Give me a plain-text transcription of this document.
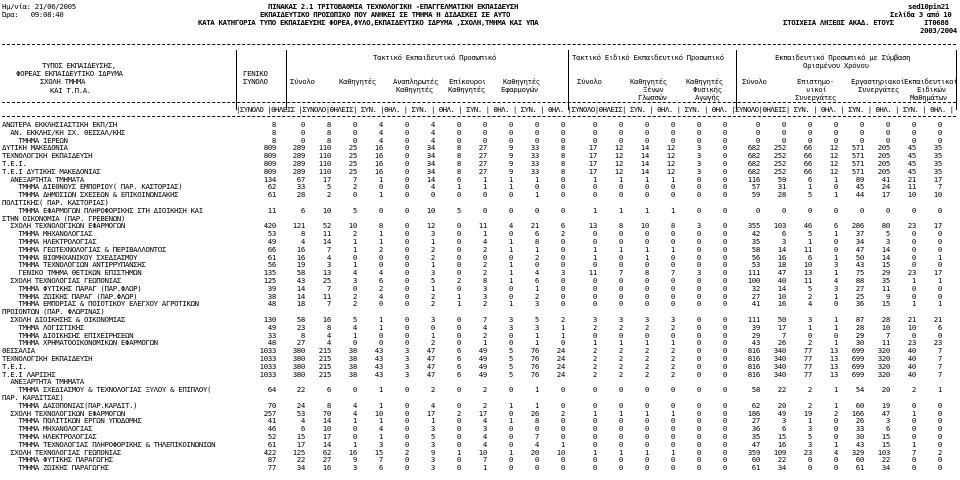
Ημ/νία: 21/06/2005
Ώρα:   09:08:40
ΠΙΝΑΚΑΣ 2.1 ΤΡΙΤΟΒΑΘΜΙΑ ΤΕΧΝΟΛΟΓΙΚΗ -ΕΠΑΓΓΕΛΜΑΤΙΚΗ ΕΚΠΑΙΔΕΥΣΗ
ΕΚΠΑΙΔΕΥΤΙΚΟ ΠΡΟΣΩΠΙΚΟ ΠΟΥ ΑΝΗΚΕΙ ΣΕ ΤΜΗΜΑ Η ΔΙΔΑΣΚΕΙ ΣΕ ΑΥΤΟ
ΚΑΤΑ ΚΑΤΗΓΟΡΙΑ ΤΥΠΟ ΕΚΠΑΙΔΕΥΣΗΣ ΦΟΡΕΑ,ΦΥΛΟ,ΕΚΠΑΙΔΕΥΤΙΚΟ ΙΔΡΥΜΑ ,ΣΧΟΛΗ,ΤΜΗΜΑ ΚΑΙ ΥΠΑ
sed10pin21
Σελίδα 3 από 10
IT0688
ΣΤΟΙΧΕΙΑ ΛΗΞΕΩΣ ΑΚΑΔ. ΕΤΟΥΣ
2003/2004
ΤΥΠΟΣ ΕΚΠΑΙΔΕΥΣΗΣ,
ΦΟΡΕΑΣ ΕΚΠΑΙΔΕΥΤΙΚΟ ΙΔΡΥΜΑ
ΣΧΟΛΗ ΤΜΗΜΑ
ΚΑΙ Τ.Π.Α.
ΓΕΝΙΚΟ
ΣΥΝΟΛΟ
Τακτικό Εκπαιδευτικό Προσωπικό	Τακτικό Ειδικό Εκπαιδευτικό Προσωπικό	Εκπαιδευτικό Προσωπικό με Σύμβαση
Ορισμένου Χρόνου
Σύνολο	Καθηγητές Αναπληρωτές
Καθηγητές
Επίκουροι
Καθηγητές
Καθηγητές
Εφαρμογών
Σύνολο	Καθηγητές
Ξένων
Γλωσσών
Καθηγητές
Φυσικής
Αγωγής
Σύνολο	Επιστημο-
νικοί
Συνεργάτες
Εργαστηριακοί
Συνεργάτες
Εκπαιδευτικοί
Ειδικών
Μαθημάτων
|ΣΥΝΟΛΟ |ΘΗΛΕΙΣ |ΣΥΝΟΛΟ|ΘΗΛΕΙΣ| ΣΥΝ. |ΘΗΛ. | ΣΥΝ. | ΘΗΛ. | ΣΥΝ. | ΘΗΛ. | ΣΥΝ. | ΘΗΛ. |ΣΥΝΟΛΟ|ΘΗΛΕΙΣ| ΣΥΝ. | ΘΗΛ. | ΣΥΝ. | ΘΗΛ. |ΣΥΝΟΛΟ|ΘΗΛΕΙΣ| ΣΥΝ. | ΘΗΛ. | ΣΥΝ. | ΘΗΛ. | ΣΥΝ. | ΘΗΛ. |
ΑΝΩΤΕΡΑ ΕΚΚΛΗΣΙΑΣΤΙΚΗ ΕΚΠ/ΣΗ	8	0	8	0	4	0	4	0	0	0	0	0	0	0	0	0	0	0	0	0	0	0	0	0	0	0
ΑΝ. ΕΚΚΛΗΣ/ΚΗ ΣΧ. ΘΕΣΣΑΛ/ΚΗΣ	8	0	8	0	4	0	4	0	0	0	0	0	0	0	0	0	0	0	0	0	0	0	0	0	0	0
ΤΜΗΜΑ ΙΕΡΕΩΝ	8	0	8	0	4	0	4	0	0	0	0	0	0	0	0	0	0	0	0	0	0	0	0	0	0	0
ΔΥΤΙΚΗ ΜΑΚΕΔΟΝΙΑ	809	289	110	25	16	0	34	8	27	9	33	8	17	12	14	12	3	0	682	252	66	12	571	205	45	35
ΤΕΧΝΟΛΟΓΙΚΗ ΕΚΠΑΙΔΕΥΣΗ	809	289	110	25	16	0	34	8	27	9	33	8	17	12	14	12	3	0	682	252	66	12	571	205	45	35
Τ.Ε.Ι.	809	289	110	25	16	0	34	8	27	9	33	8	17	12	14	12	3	0	682	252	66	12	571	205	45	35
Τ.Ε.Ι ΔΥΤΙΚΗΣ ΜΑΚΕΔΟΝΙΑΣ	809	289	110	25	16	0	34	8	27	9	33	8	17	12	14	12	3	0	682	252	66	12	571	205	45	35
ΑΝΕΞΑΡΤΗΤΑ ΤΜΗΜΑΤΑ	134	67	17	7	1	0	14	6	1	1	1	0	1	1	1	1	0	0	116	59	6	1	89	41	21	17
ΤΜΗΜΑ ΔΙΕΘΝΟΥΣ ΕΜΠΟΡΙΟΥ( ΠΑΡ. ΚΑΣΤΟΡΙΑΣ)	62	33	5	2	0	0	4	1	1	1	0	0	0	0	0	0	0	0	57	31	1	0	45	24	11	7
ΤΜΗΜΑ ΔΗΜΟΣΙΩΝ ΣΧΕΣΕΩΝ & ΕΠΙΚΟΙΝΩΝΙΑΚΗΣ	61	28	2	0	1	0	0	0	0	0	1	0	0	0	0	0	0	0	59	28	5	1	44	17	10	10
ΠΟΛΙΤΙΚΗΣ( ΠΑΡ. ΚΑΣΤΟΡΙΑΣ)
ΤΜΗΜΑ ΕΦΑΡΜΟΓΩΝ ΠΛΗΡΟΦΟΡΙΚΗΣ ΣΤΗ ΔΙΟΙΚΗΣΗ ΚΑΙ	11	6	10	5	0	0	10	5	0	0	0	0	1	1	1	1	0	0	0	0	0	0	0	0	0	0
ΣΤΗΝ ΟΙΚΟΝΟΜΙΑ (ΠΑΡ. ΓΡΕΒΕΝΩΝ)
ΣΧΟΛΗ ΤΕΧΝΟΛΟΓΙΚΩΝ ΕΦΑΡΜΟΓΩΝ	420	121	52	10	8	0	12	0	11	4	21	6	13	8	10	8	3	0	355	103	46	6	286	80	23	17
ΤΜΗΜΑ ΜΗΧΑΝΟΛΟΓΙΑΣ	53	8	11	2	1	0	3	0	1	0	6	2	0	0	0	0	0	0	42	6	5	1	37	5	0	0
ΤΜΗΜΑ ΗΛΕΚΤΡΟΛΟΓΙΑΣ	49	4	14	1	1	0	1	0	4	1	8	0	0	0	0	0	0	0	35	3	1	0	34	3	0	0
ΤΜΗΜΑ ΓΕΩΤΕΧΝΟΛΟΓΙΑΣ & ΠΕΡΙΒΑΛΛΟΝΤΟΣ	66	16	7	1	2	0	2	0	2	1	1	0	1	1	1	1	0	0	58	14	11	0	47	14	0	0
ΤΜΗΜΑ ΒΙΟΜΗΧΑΝΙΚΟΥ ΣΧΕΔΙΑΣΜΟΥ	61	16	4	0	0	0	2	0	0	0	2	0	1	0	1	0	0	0	56	16	6	1	50	14	0	1
ΤΜΗΜΑ ΤΕΧΝΟΛΟΓΙΩΝ ΑΝΤΙΡΡΥΠΑΝΣΗΣ	56	19	3	1	0	0	1	0	2	1	0	0	0	0	0	0	0	0	53	18	10	3	43	15	0	0
ΓΕΝΙΚΟ ΤΜΗΜΑ ΘΕΤΙΚΩΝ ΕΠΙΣΤΗΜΩΝ	135	58	13	4	4	0	3	0	2	1	4	3	11	7	8	7	3	0	111	47	13	1	75	29	23	17
ΣΧΟΛΗ ΤΕΧΝΟΛΟΓΙΑΣ ΓΕΩΠΟΝΙΑΣ	125	43	25	3	6	0	5	2	8	1	6	0	0	0	0	0	0	0	100	40	11	4	88	35	1	1
ΤΜΗΜΑ ΦΥΤΙΚΗΣ ΠΑΡΑΓ (ΠΑΡ.ΦΛΩΡ)	39	14	7	0	2	0	1	0	3	0	1	0	0	0	0	0	0	0	32	14	5	3	27	11	0	0
ΤΜΗΜΑ ΖΩΙΚΗΣ ΠΑΡΑΓ (ΠΑΡ.ΦΛΩΡ)	38	14	11	2	4	0	2	1	3	0	2	0	0	0	0	0	0	0	27	10	2	1	25	9	0	0
ΤΜΗΜΑ ΕΜΠΟΡΙΑΣ & ΠΟΙΟΤΙΚΟΥ ΕΛΕΓΧΟΥ ΑΓΡΟΤΙΚΩΝ	48	18	7	2	0	0	2	1	2	1	3	0	0	0	0	0	0	0	41	16	4	0	36	15	1	1
ΠΡΟΙΟΝΤΩΝ (ΠΑΡ. ΦΛΩΡΙΝΑΣ)
ΣΧΟΛΗ ΔΙΟΙΚΗΣΗΣ & ΟΙΚΟΝΟΜΙΑΣ	130	58	16	5	1	0	3	0	7	3	5	2	3	3	3	3	0	0	111	50	3	1	87	28	21	21
ΤΜΗΜΑ ΛΟΓΙΣΤΙΚΗΣ	49	23	8	4	1	0	0	0	4	3	3	1	2	2	2	2	0	0	39	17	1	1	28	10	10	6
ΤΜΗΜΑ ΔΙΟΙΚΗΣΗΣ ΕΠΙΧΕΙΡΗΣΕΩΝ	33	8	4	1	0	0	1	0	2	0	1	1	0	0	0	0	0	0	29	7	0	0	29	7	0	0
ΤΜΗΜΑ ΧΡΗΜΑΤΟΟΙΚΟΝΟΜΙΚΩΝ ΕΦΑΡΜΟΓΩΝ	48	27	4	0	0	0	2	0	1	0	1	0	1	1	1	1	0	0	43	26	2	1	30	11	23	23
ΘΕΣΣΑΛΙΑ	1033	380	215	38	43	3	47	6	49	5	76	24	2	2	2	2	0	0	816	340	77	13	699	320	40	7
ΤΕΧΝΟΛΟΓΙΚΗ ΕΚΠΑΙΔΕΥΣΗ	1033	380	215	38	43	3	47	6	49	5	76	24	2	2	2	2	0	0	816	340	77	13	699	320	40	7
Τ.Ε.Ι.	1033	380	215	38	43	3	47	6	49	5	76	24	2	2	2	2	0	0	816	340	77	13	699	320	40	7
Τ.Ε.Ι ΛΑΡΙΣΗΣ	1033	380	215	38	43	3	47	6	49	5	76	24	2	2	2	2	0	0	816	340	77	13	699	320	40	7
ΑΝΕΞΑΡΤΗΤΑ ΤΜΗΜΑΤΑ
ΤΜΗΜΑ ΣΧΕΔΙΑΣΜΟΥ & ΤΕΧΝΟΛΟΓΙΑΣ ΞΥΛΟΥ & ΕΠΙΠΛΟΥ(	64	22	6	0	1	0	2	0	2	0	1	0	0	0	0	0	0	0	58	22	2	1	54	20	2	1
ΠΑΡ. ΚΑΡΔΙΤΣΑΣ)
ΤΜΗΜΑ ΔΑΣΟΠΟΝΙΑΣ(ΠΑΡ.ΚΑΡΔΙΤ.)	70	24	8	4	1	0	4	0	2	1	1	0	0	0	0	0	0	0	62	20	2	1	60	19	0	0
ΣΧΟΛΗ ΤΕΧΝΟΛΟΓΙΚΩΝ ΕΦΑΡΜΟΓΩΝ	257	53	70	4	10	0	17	2	17	0	26	2	1	1	1	1	0	0	186	49	19	2	166	47	1	0
ΤΜΗΜΑ ΠΟΛΙΤΙΚΩΝ ΕΡΓΩΝ ΥΠΟΔΟΜΗΣ	41	4	14	1	1	0	1	0	4	1	8	0	0	0	0	0	0	0	27	3	1	0	26	3	0	0
ΤΜΗΜΑ ΜΗΧΑΝΟΛΟΓΙΑΣ	46	6	10	0	4	0	3	0	3	0	0	0	0	0	0	0	0	0	36	6	3	0	33	6	0	0
ΤΜΗΜΑ ΗΛΕΚΤΡΟΛΟΓΙΑΣ	52	15	17	0	1	0	5	0	4	0	7	0	0	0	0	0	0	0	35	15	5	0	30	15	0	0
ΤΜΗΜΑ ΤΕΧΝΟΛΟΓΙΑΣ ΠΛΗΡΟΦΟΡΙΚΗΣ & ΤΗΛΕΠΙΚΟΙΝΩΝΙΩΝ	61	17	14	1	3	0	3	0	4	0	4	1	0	0	0	0	0	0	47	16	3	1	43	15	1	0
ΣΧΟΛΗ ΤΕΧΝΟΛΟΓΙΑΣ ΓΕΩΠΟΝΙΑΣ	422	125	62	16	15	2	9	1	10	1	20	10	1	1	1	1	0	0	359	109	23	4	329	103	7	2
ΤΜΗΜΑ ΦΥΤΙΚΗΣ ΠΑΡΑΓΩΓΗΣ	87	22	27	9	7	0	3	0	7	0	0	0	0	0	0	0	0	0	60	22	0	0	60	22	0	0
ΤΜΗΜΑ ΖΩΙΚΗΣ ΠΑΡΑΓΩΓΗΣ	77	34	16	3	6	0	3	0	1	0	0	0	0	0	0	0	0	0	61	34	0	0	61	34	0	0
